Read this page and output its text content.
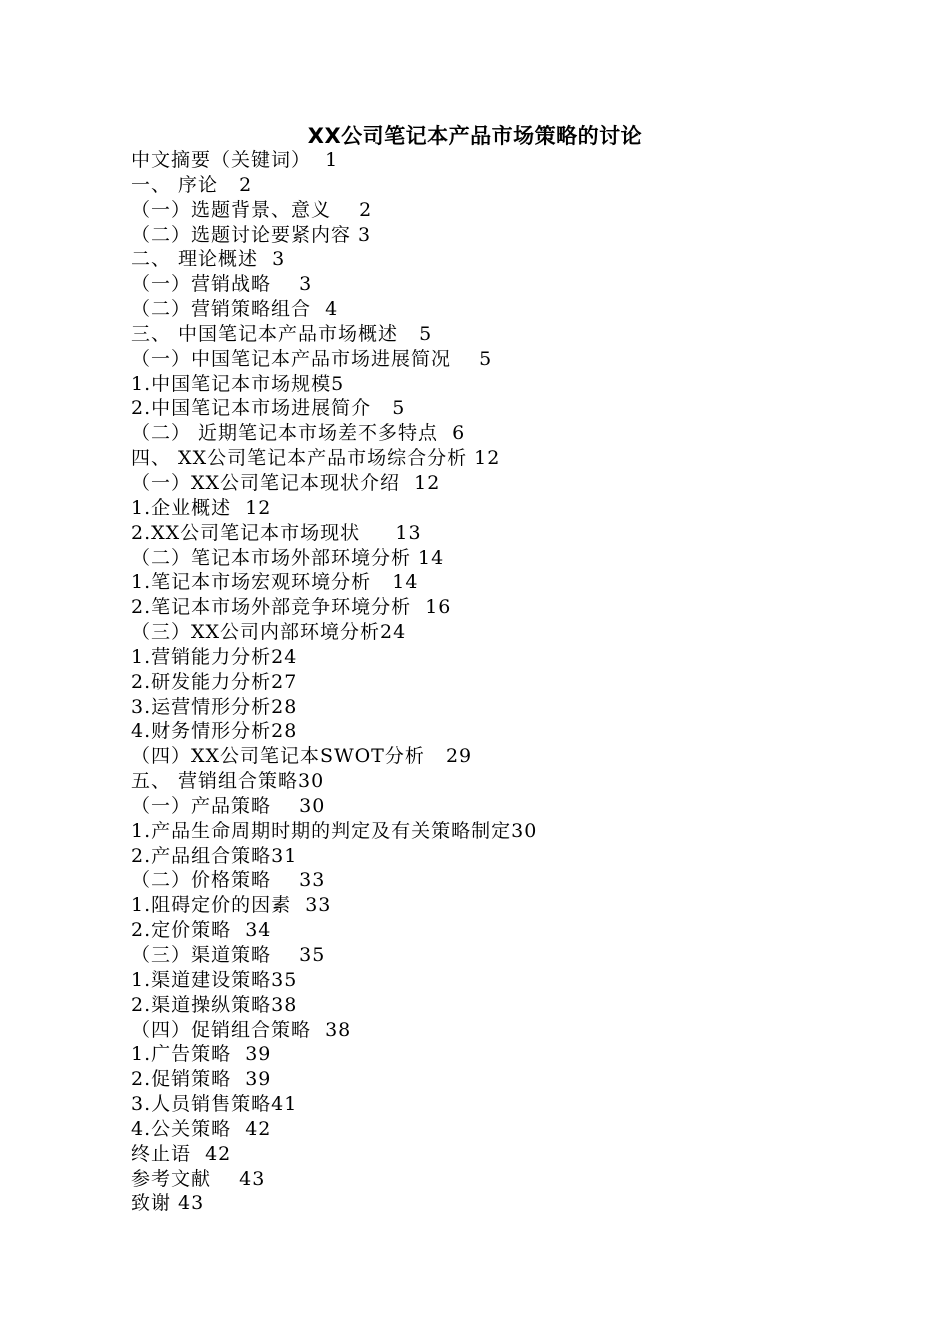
XX公司笔记本产品市场策略的讨论
中文摘要（关键词）  1
一、 序论   2
（一）选题背景、意义    2
（二）选题讨论要紧内容 3
二、 理论概述  3
（一）营销战略    3
（二）营销策略组合  4
三、 中国笔记本产品市场概述   5
（一）中国笔记本产品市场进展简况    5
1.中国笔记本市场规模5
2.中国笔记本市场进展简介   5
（二） 近期笔记本市场差不多特点  6
四、 XX公司笔记本产品市场综合分析 12
（一）XX公司笔记本现状介绍  12
1.企业概述  12
2.XX公司笔记本市场现状     13
（二）笔记本市场外部环境分析 14
1.笔记本市场宏观环境分析   14
2.笔记本市场外部竞争环境分析  16
（三）XX公司内部环境分析24
1.营销能力分析24
2.研发能力分析27
3.运营情形分析28
4.财务情形分析28
（四）XX公司笔记本SWOT分析   29
五、 营销组合策略30
（一）产品策略    30
1.产品生命周期时期的判定及有关策略制定30
2.产品组合策略31
（二）价格策略    33
1.阻碍定价的因素  33
2.定价策略  34
（三）渠道策略    35
1.渠道建设策略35
2.渠道操纵策略38
（四）促销组合策略  38
1.广告策略  39
2.促销策略  39
3.人员销售策略41
4.公关策略  42
终止语  42
参考文献    43
致谢 43
